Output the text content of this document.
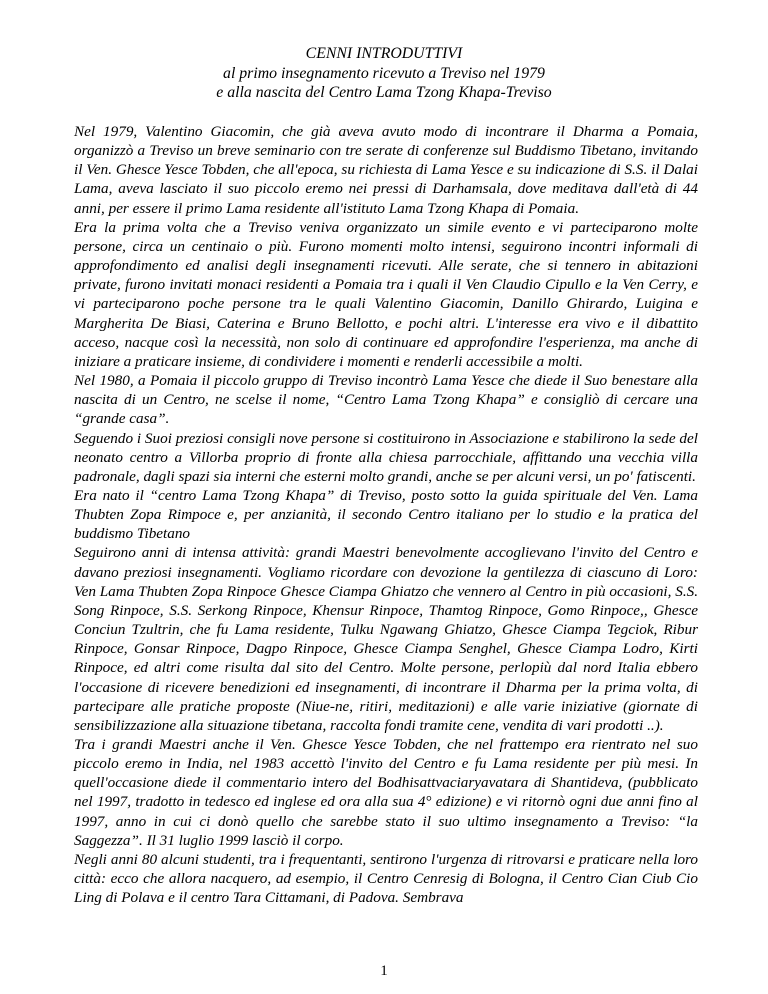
CENNI INTRODUTTIVI
al primo insegnamento ricevuto a Treviso nel 1979
e alla nascita del Centro Lama Tzong Khapa-Treviso

Nel 1979, Valentino Giacomin, che già aveva avuto modo di incontrare il Dharma a Pomaia, organizzò a Treviso un breve seminario con tre serate di conferenze sul Buddismo Tibetano, invitando il Ven. Ghesce Yesce Tobden, che all'epoca, su richiesta di Lama Yesce e su indicazione di S.S. il Dalai Lama, aveva lasciato il suo piccolo eremo nei pressi di Darhamsala, dove meditava dall'età di 44 anni, per essere il primo Lama residente all'istituto Lama Tzong Khapa di Pomaia.

Era la prima volta che a Treviso veniva organizzato un simile evento e vi parteciparono molte persone, circa un centinaio o più. Furono momenti molto intensi, seguirono incontri informali di approfondimento ed analisi degli insegnamenti ricevuti. Alle serate, che si tennero in abitazioni private, furono invitati monaci residenti a Pomaia tra i quali il Ven Claudio Cipullo e la Ven Cerry, e vi parteciparono poche persone tra le quali Valentino Giacomin, Danillo Ghirardo, Luigina e Margherita De Biasi, Caterina e Bruno Bellotto, e pochi altri. L'interesse era vivo e il dibattito acceso, nacque così la necessità, non solo di continuare ed approfondire l'esperienza, ma anche di iniziare a praticare insieme, di condividere i momenti e renderli accessibile a molti.

Nel 1980, a Pomaia il piccolo gruppo di Treviso incontrò Lama Yesce che diede il Suo benestare alla nascita di un Centro, ne scelse il nome, “Centro Lama Tzong Khapa” e consigliò di cercare una “grande casa”.

Seguendo i Suoi preziosi consigli nove persone si costituirono in Associazione e stabilirono la sede del neonato centro a Villorba proprio di fronte alla chiesa parrocchiale, affittando una vecchia villa padronale, dagli spazi sia interni che esterni molto grandi, anche se per alcuni versi, un po' fatiscenti.

Era nato il “centro Lama Tzong Khapa” di Treviso, posto sotto la guida spirituale del Ven. Lama Thubten Zopa Rimpoce e, per anzianità, il secondo Centro italiano per lo studio e la pratica del buddismo Tibetano

Seguirono anni di intensa attività: grandi Maestri benevolmente accoglievano l'invito del Centro e davano preziosi insegnamenti. Vogliamo ricordare con devozione la gentilezza di ciascuno di Loro: Ven Lama Thubten Zopa Rinpoce Ghesce Ciampa Ghiatzo che vennero al Centro in più occasioni, S.S. Song Rinpoce, S.S. Serkong Rinpoce, Khensur Rinpoce, Thamtog Rinpoce, Gomo Rinpoce,, Ghesce Conciun Tzultrin, che fu Lama residente, Tulku Ngawang Ghiatzo, Ghesce Ciampa Tegciok, Ribur Rinpoce, Gonsar Rinpoce, Dagpo Rinpoce, Ghesce Ciampa Senghel, Ghesce Ciampa Lodro, Kirti Rinpoce, ed altri come risulta dal sito del Centro. Molte persone, perlopiù dal nord Italia ebbero l'occasione di ricevere benedizioni ed insegnamenti, di incontrare il Dharma per la prima volta, di partecipare alle pratiche proposte (Niue-ne, ritiri, meditazioni) e alle varie iniziative (giornate di sensibilizzazione alla situazione tibetana, raccolta fondi tramite cene, vendita di vari prodotti ..).

Tra i grandi Maestri anche il Ven. Ghesce Yesce Tobden, che nel frattempo era rientrato nel suo piccolo eremo in India, nel 1983 accettò l'invito del Centro e fu Lama residente per più mesi. In quell'occasione diede il commentario intero del Bodhisattvaciaryavatara di Shantideva, (pubblicato nel 1997, tradotto in tedesco ed inglese ed ora alla sua 4° edizione) e vi ritornò ogni due anni fino al 1997, anno in cui ci donò quello che sarebbe stato il suo ultimo insegnamento a Treviso: “la Saggezza”. Il 31 luglio 1999 lasciò il corpo.

Negli anni 80 alcuni studenti, tra i frequentanti, sentirono l'urgenza di ritrovarsi e praticare nella loro città: ecco che allora nacquero, ad esempio, il Centro Cenresig di Bologna, il Centro Cian Ciub Cio Ling di Polava e il centro Tara Cittamani, di Padova. Sembrava

1
